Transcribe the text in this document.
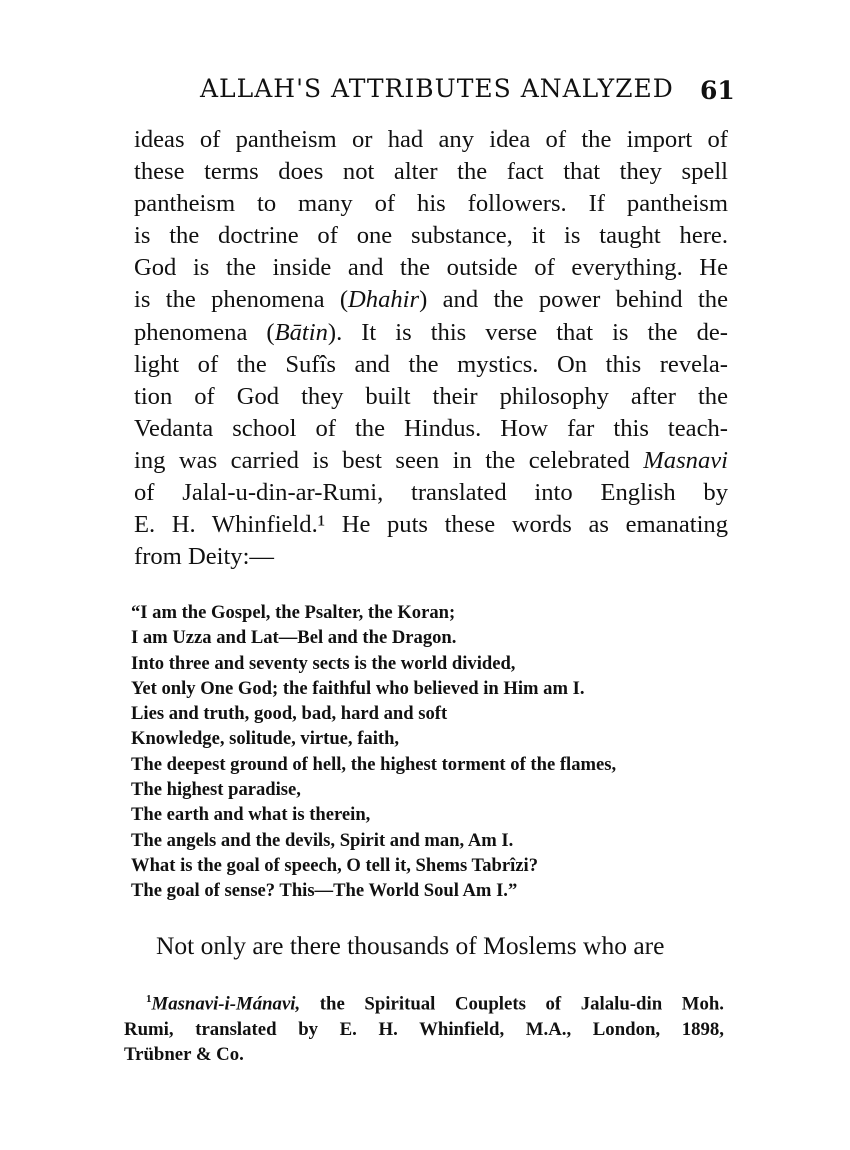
ALLAH'S ATTRIBUTES ANALYZED 61
ideas of pantheism or had any idea of the import of
these terms does not alter the fact that they spell
pantheism to many of his followers. If pantheism
is the doctrine of one substance, it is taught here.
God is the inside and the outside of everything. He
is the phenomena (Dhahir) and the power behind the
phenomena (Bātin). It is this verse that is the de-
light of the Sufîs and the mystics. On this revela-
tion of God they built their philosophy after the
Vedanta school of the Hindus. How far this teach-
ing was carried is best seen in the celebrated Masnavi
of Jalal-u-din-ar-Rumi, translated into English by
E. H. Whinfield.¹ He puts these words as emanating
from Deity:—
“I am the Gospel, the Psalter, the Koran;
I am Uzza and Lat—Bel and the Dragon.
Into three and seventy sects is the world divided,
Yet only One God; the faithful who believed in Him am I.
Lies and truth, good, bad, hard and soft
Knowledge, solitude, virtue, faith,
The deepest ground of hell, the highest torment of the flames,
The highest paradise,
The earth and what is therein,
The angels and the devils, Spirit and man, Am I.
What is the goal of speech, O tell it, Shems Tabrîzi?
The goal of sense? This—The World Soul Am I.”
Not only are there thousands of Moslems who are
$^1$Masnavi-i-Mánavi, the Spiritual Couplets of Jalalu-din Moh.
Rumi, translated by E. H. Whinfield, M.A., London, 1898,
Trübner & Co.
